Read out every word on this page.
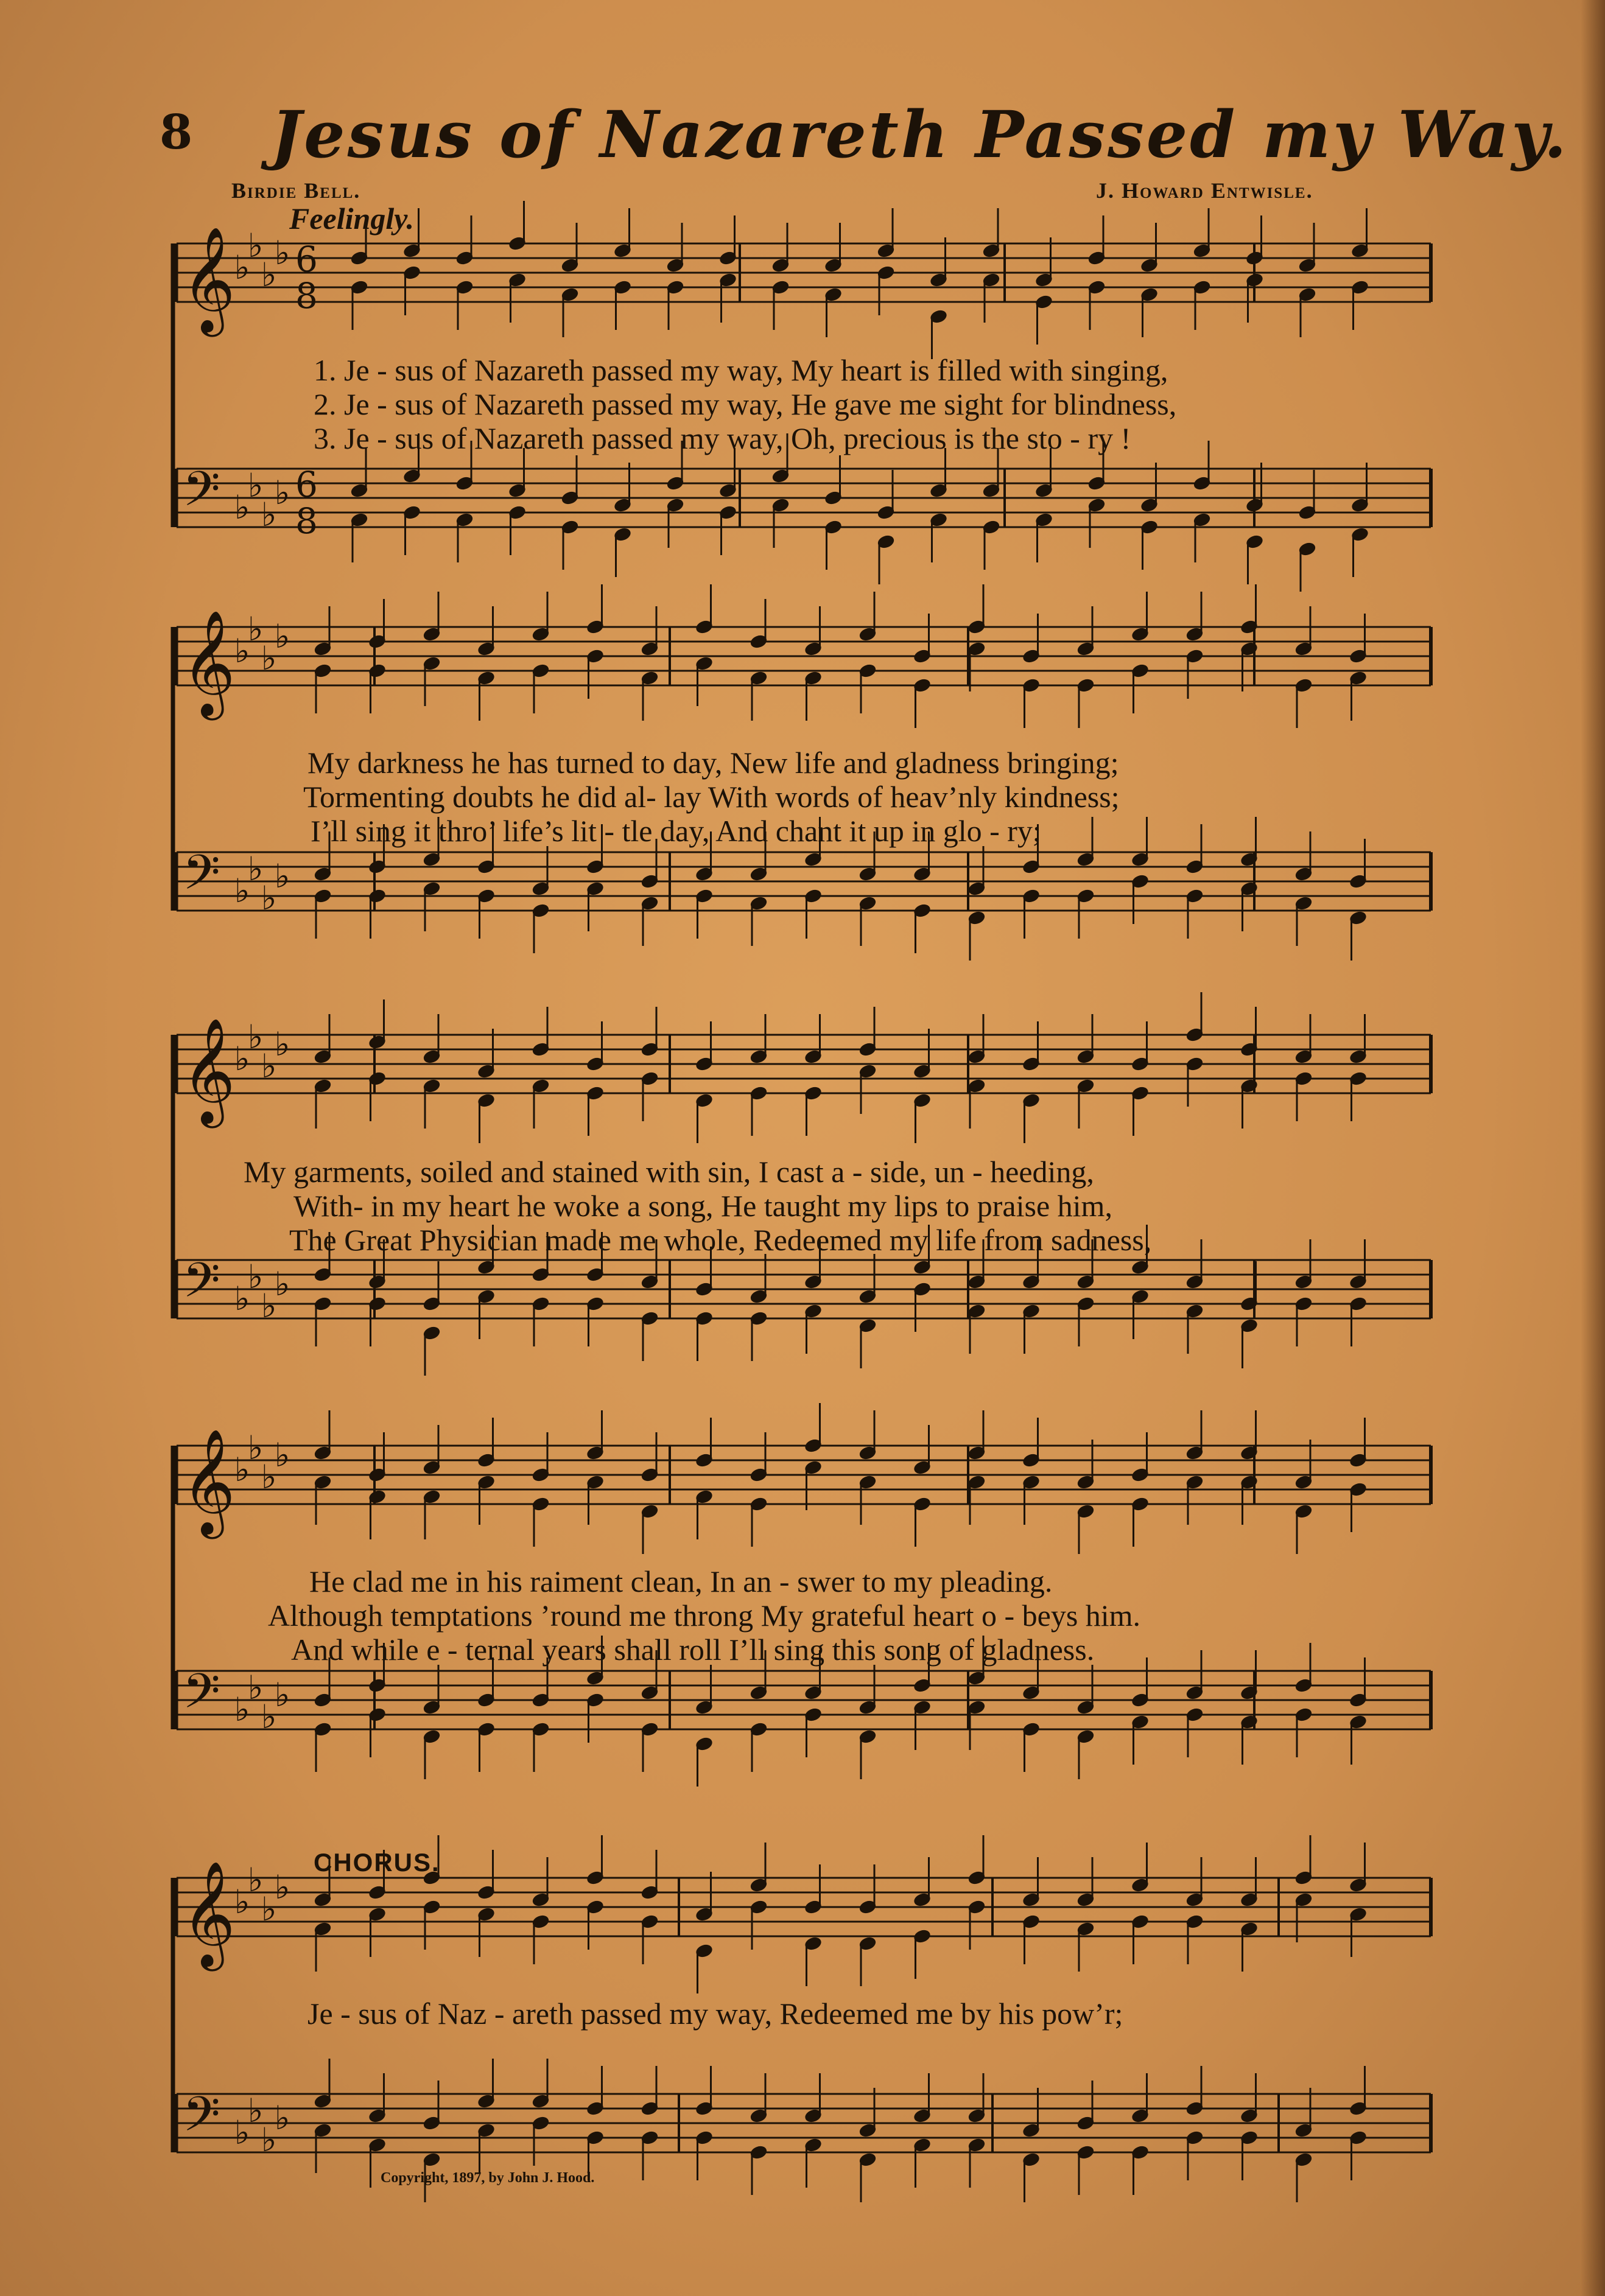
8 Jesus of Nazareth Passed my Way.
Birdie Bell.	J. Howard Entwisle.
Feelingly.
𝄞
♭
♭
♭
♭ 6
8
𝄢 ♭
♭
♭
♭ 6
8
𝄞
♭
♭
♭
♭
𝄢 ♭
♭
♭
♭
𝄞
♭
♭
♭
♭
𝄢 ♭
♭
♭
♭
𝄞
♭
♭
♭
♭
𝄢 ♭
♭
♭
♭
𝄞
♭
♭
♭
♭
𝄢 ♭
♭
♭
♭
1. Je - sus of Nazareth passed my way, My heart is filled with singing,
2. Je - sus of Nazareth passed my way, He gave me sight for blindness,
3. Je - sus of Nazareth passed my way, Oh, precious is the sto - ry !
My darkness he has turned to day, New life and gladness bringing;
Tormenting doubts he did al- lay With words of heav’nly kindness;
I’ll sing it thro’ life’s lit - tle day, And chant it up in glo - ry;
My garments, soiled and stained with sin, I cast a - side, un - heeding,
With- in my heart he woke a song, He taught my lips to praise him,
The Great Physician made me whole, Redeemed my life from sadness,
He clad me in his raiment clean, In an - swer to my pleading.
Although temptations ’round me throng My grateful heart o - beys him.
And while e - ternal years shall roll I’ll sing this song of gladness.
CHORUS.
Je - sus of Naz - areth passed my way, Redeemed me by his pow’r;
Copyright, 1897, by John J. Hood.
